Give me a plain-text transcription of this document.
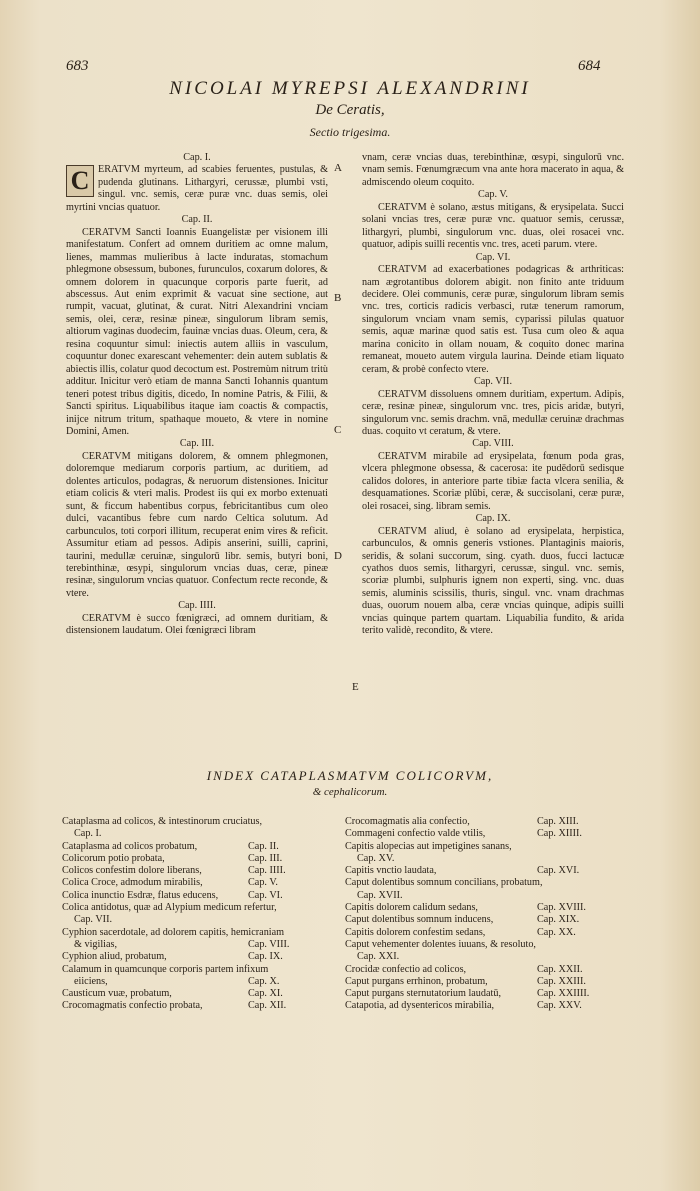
683	684
NICOLAI MYREPSI ALEXANDRINI
De Ceratis,
Sectio trigesima.
A
B
C
D
E

Cap. I.

C ERATVM myrteum, ad scabies feruentes, pustulas, & pudenda glutinans. Lithargyri, cerussæ, plumbi vsti, singul. vnc. semis, ceræ puræ vnc. duas semis, olei myrtini vncias quatuor.

Cap. II.

CERATVM Sancti Ioannis Euangelistæ per visionem illi manifestatum. Confert ad omnem duritiem ac omne malum, lienes, mammas mulieribus à lacte induratas, stomachum phlegmone obsessum, bubones, furunculos, coxarum dolores, & omnem dolorem in quacunque corporis parte fuerit, ad abscessus. Aut enim exprimit & vacuat sine sectione, aut rumpit, vacuat, glutinat, & curat. Nitri Alexandrini vnciam semis, olei, ceræ, resinæ pineæ, singulorum libram semis, altiorum vaginas duodecim, fauinæ vncias duas. Oleum, cera, & resina coquuntur simul: iniectis autem alliis in vasculum, coquuntur donec exarescant vehementer: dein autem sublatis & abiectis illis, colatur quod decoctum est. Postremùm nitrum tritù additur. Inicitur verò etiam de manna Sancti Iohannis quantum teneri potest tribus digitis, dicedo, In nomine Patris, & Filii, & Sancti spiritus. Liquabilibus itaque iam coactis & compactis, inijce nitrum tritum, spathaque moueto, & vtere in nomine Domini, Amen.

Cap. III.

CERATVM mitigans dolorem, & omnem phlegmonen, doloremque mediarum corporis partium, ac duritiem, ad dolentes articulos, podagras, & neruorum distensiones. Inicitur etiam colicis & vteri malis. Prodest iis qui ex morbo extenuati sunt, & ficcum habentibus corpus, febricitantibus cum oleo dulci, vacantibus febre cum nardo Celtica solutum. Ad carbunculos, toti corpori illitum, recuperat enim vires & reficit. Assumitur etiam ad pessos. Adipis anserini, suilli, caprini, taurini, medullæ ceruinæ, singulorū libr. semis, butyri boni, terebinthinæ, œsypi, singulorum vncias duas, ceræ, pineæ resinæ, singulorum vncias quatuor. Confectum recte reconde, & vtere.

Cap. IIII.

CERATVM è succo fœnigræci, ad omnem duritiam, & distensionem laudatum. Olei fœnigræci libram

vnam, ceræ vncias duas, terebinthinæ, œsypi, singulorū vnc. vnam semis. Fœnumgræcum vna ante hora macerato in aqua, & admiscendo oleum coquito.

Cap. V.

CERATVM è solano, æstus mitigans, & erysipelata. Succi solani vncias tres, ceræ puræ vnc. quatuor semis, cerussæ, lithargyri, plumbi, singulorum vnc. duas, olei rosacei vnc. quatuor, adipis suilli recentis vnc. tres, aceti parum. vtere.

Cap. VI.

CERATVM ad exacerbationes podagricas & arthriticas: nam ægrotantibus dolorem abigit. non finito ante triduum decidere. Olei communis, ceræ puræ, singulorum libram semis vnc. tres, corticis radicis verbasci, rutæ tenerum ramorum, singulorum vnciam vnam semis, cyparissi pilulas quatuor semis, aquæ marinæ quod satis est. Tusa cum oleo & aqua marina conicito in ollam nouam, & coquito donec marina remaneat, moueto autem virgula laurina. Deinde etiam liquato ceram, & probè confecto vtere.

Cap. VII.

CERATVM dissoluens omnem duritiam, expertum. Adipis, ceræ, resinæ pineæ, singulorum vnc. tres, picis aridæ, butyri, singulorum vnc. semis drachm. vnā, medullæ ceruinæ drachmas duas. coquito vt ceratum, & vtere.

Cap. VIII.

CERATVM mirabile ad erysipelata, fœnum poda gras, vlcera phlegmone obsessa, & cacerosa: ite pudēdorū sedisque calidos dolores, in anteriore parte tibiæ facta vlcera senilia, & desquamationes. Scoriæ plūbi, ceræ, & succisolani, ceræ puræ, olei rosacei, sing. libram semis.

Cap. IX.

CERATVM aliud, è solano ad erysipelata, herpistica, carbunculos, & omnis generis vstiones. Plantaginis maioris, seridis, & solani succorum, sing. cyath. duos, fucci lactucæ cyathos duos semis, lithargyri, cerussæ, singul. vnc. semis, scoriæ plumbi, sulphuris ignem non experti, sing. vnc. duas semis, aluminis scissilis, thuris, singul. vnc. vnam drachmas duas, ouorum nouem alba, ceræ vncias quinque, adipis suilli vncias quinque partem quartam. Liquabilia fundito, & arida terito validè, recondito, & vtere.

INDEX CATAPLASMATVM COLICORVM,
& cephalicorum.
Cataplasma ad colicos, & intestinorum cruciatus,
Cap. I.
Cataplasma ad colicos probatum,	Cap. II.
Colicorum potio probata,	Cap. III.
Colicos confestim dolore liberans,	Cap. IIII.
Colica Croce, admodum mirabilis,	Cap. V.
Colica inunctio Esdræ, flatus educens,	Cap. VI.
Colica antidotus, quæ ad Alypium medicum refertur,
Cap. VII.
Cyphion sacerdotale, ad dolorem capitis, hemicraniam
& vigilias,	Cap. VIII.
Cyphion aliud, probatum,	Cap. IX.
Calamum in quamcunque corporis partem infixum
eiiciens,	Cap. X.
Causticum vuæ, probatum,	Cap. XI.
Crocomagmatis confectio probata,	Cap. XII.
Crocomagmatis alia confectio,	Cap. XIII.
Commageni confectio valde vtilis,	Cap. XIIII.
Capitis alopecias aut impetigines sanans,
Cap. XV.
Capitis vnctio laudata,	Cap. XVI.
Caput dolentibus somnum concilians, probatum,
Cap. XVII.
Capitis dolorem calidum sedans,	Cap. XVIII.
Caput dolentibus somnum inducens,	Cap. XIX.
Capitis dolorem confestim sedans,	Cap. XX.
Caput vehementer dolentes iuuans, & resoluto,
Cap. XXI.
Crocidæ confectio ad colicos,	Cap. XXII.
Caput purgans errhinon, probatum,	Cap. XXIII.
Caput purgans sternutatorium laudatū,	Cap. XXIIII.
Catapotia, ad dysentericos mirabilia,	Cap. XXV.
